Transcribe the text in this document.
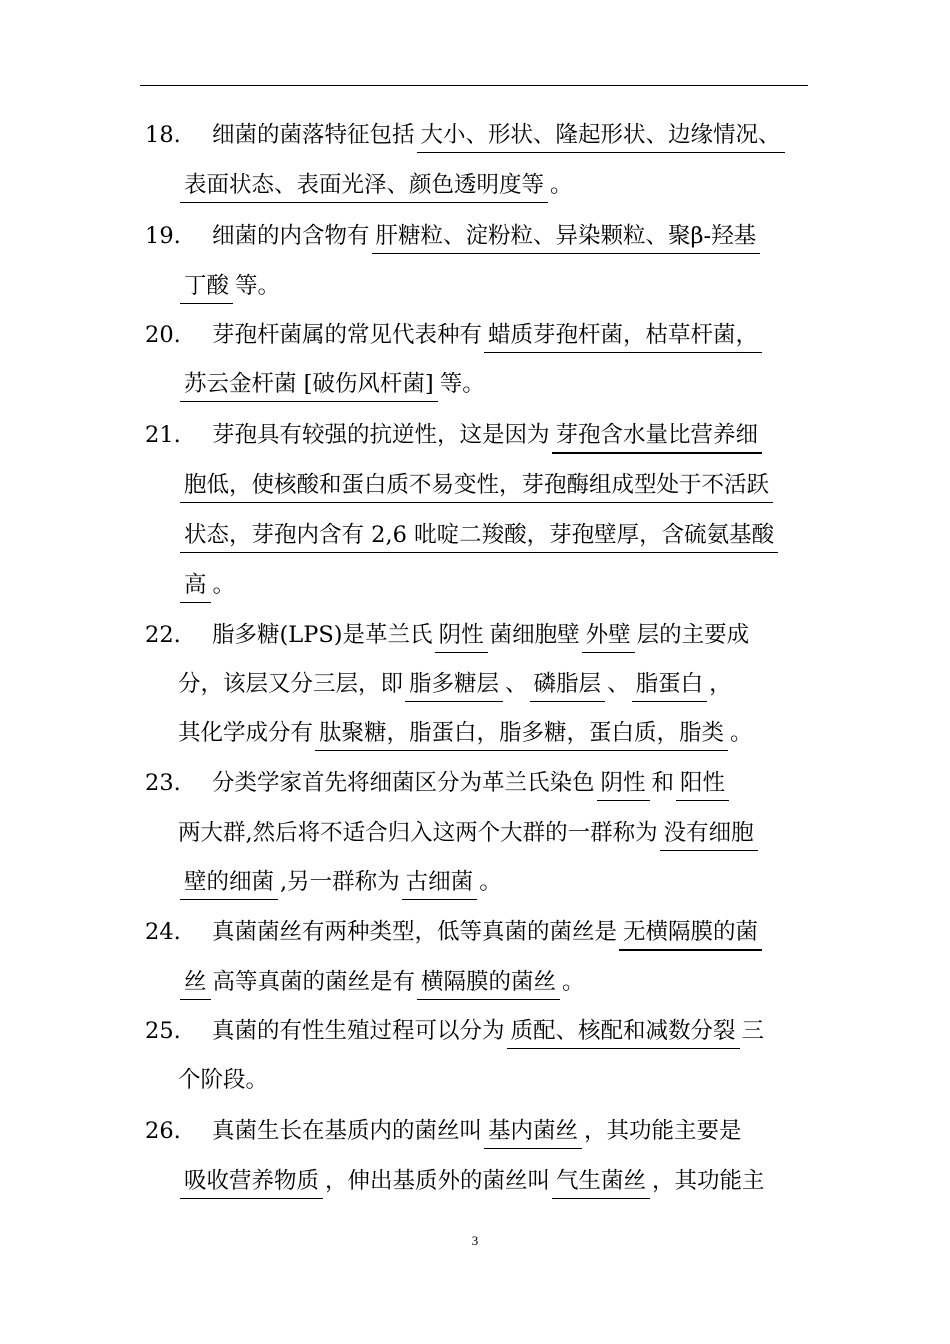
18. 细菌的菌落特征包括 大小、形状、隆起形状、边缘情况、
表面状态、表面光泽、颜色透明度等 。
19. 细菌的内含物有 肝糖粒、淀粉粒、异染颗粒、聚β-羟基
丁酸 等。
20. 芽孢杆菌属的常见代表种有 蜡质芽孢杆菌，枯草杆菌，
苏云金杆菌 [破伤风杆菌] 等。
21. 芽孢具有较强的抗逆性，这是因为 芽孢含水量比营养细
胞低，使核酸和蛋白质不易变性，芽孢酶组成型处于不活跃
状态，芽孢内含有 2,6 吡啶二羧酸，芽孢壁厚，含硫氨基酸
高 。
22. 脂多糖(LPS)是革兰氏 阴性 菌细胞壁 外壁 层的主要成
分，该层又分三层，即 脂多糖层 、 磷脂层 、 脂蛋白 ，
其化学成分有 肽聚糖，脂蛋白，脂多糖，蛋白质，脂类 。
23. 分类学家首先将细菌区分为革兰氏染色 阴性 和 阳性
两大群,然后将不适合归入这两个大群的一群称为 没有细胞
壁的细菌 ,另一群称为 古细菌 。
24. 真菌菌丝有两种类型，低等真菌的菌丝是 无横隔膜的菌
丝 高等真菌的菌丝是有 横隔膜的菌丝 。
25. 真菌的有性生殖过程可以分为 质配、核配和减数分裂 三
个阶段。
26. 真菌生长在基质内的菌丝叫 基内菌丝 ，其功能主要是
吸收营养物质 ，伸出基质外的菌丝叫 气生菌丝 ，其功能主
3
